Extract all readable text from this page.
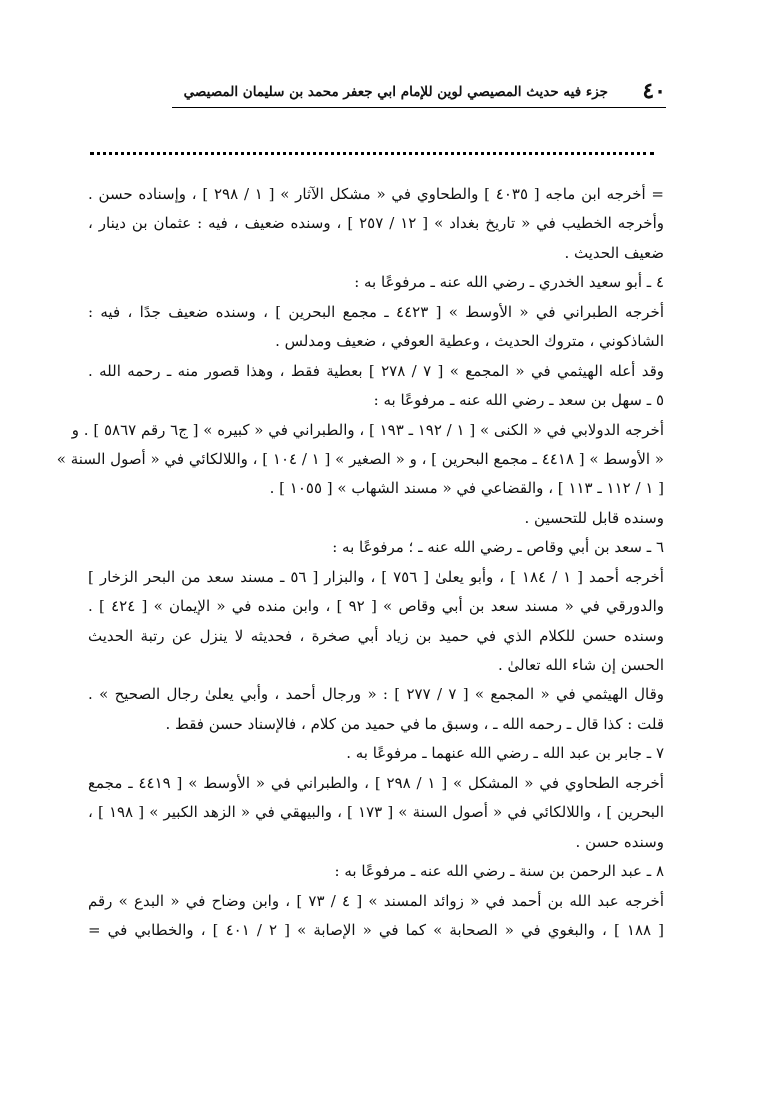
٤٠
جزء فيه حديث المصيصي لوين للإمام ابي جعفر محمد بن سليمان المصيصي
= أخرجه ابن ماجه [ ٤٠٣٥ ] والطحاوي في « مشكل الآثار » [ ١ / ٢٩٨ ] ، وإسناده حسن .
وأخرجه الخطيب في « تاريخ بغداد » [ ١٢ / ٢٥٧ ] ، وسنده ضعيف ، فيه : عثمان بن دينار ،
ضعيف الحديث .
٤ ـ أبو سعيد الخدري ـ رضي الله عنه ـ مرفوعًا به :
أخرجه الطبراني في « الأوسط » [ ٤٤٢٣ ـ مجمع البحرين ] ، وسنده ضعيف جدًا ، فيه :
الشاذكوني ، متروك الحديث ، وعطية العوفي ، ضعيف ومدلس .
وقد أعله الهيثمي في « المجمع » [ ٧ / ٢٧٨ ] بعطية فقط ، وهذا قصور منه ـ رحمه الله .
٥ ـ سهل بن سعد ـ رضي الله عنه ـ مرفوعًا به :
أخرجه الدولابي في « الكنى » [ ١ / ١٩٢ ـ ١٩٣ ] ، والطبراني في « كبيره » [ ج٦ رقم ٥٨٦٧ ] . و
« الأوسط » [ ٤٤١٨ ـ مجمع البحرين ] ، و « الصغير » [ ١ / ١٠٤ ] ، واللالكائي في « أصول السنة »
[ ١ / ١١٢ ـ ١١٣ ] ، والقضاعي في « مسند الشهاب » [ ١٠٥٥ ] .
وسنده قابل للتحسين .
٦ ـ سعد بن أبي وقاص ـ رضي الله عنه ـ ؛ مرفوعًا به :
أخرجه أحمد [ ١ / ١٨٤ ] ، وأبو يعلىٰ [ ٧٥٦ ] ، والبزار [ ٥٦ ـ مسند سعد من البحر الزخار ]
والدورقي في « مسند سعد بن أبي وقاص » [ ٩٢ ] ، وابن منده في « الإيمان » [ ٤٢٤ ] .
وسنده حسن للكلام الذي في حميد بن زياد أبي صخرة ، فحديثه لا ينزل عن رتبة الحديث
الحسن إن شاء الله تعالىٰ .
وقال الهيثمي في « المجمع » [ ٧ / ٢٧٧ ] : « ورجال أحمد ، وأبي يعلىٰ رجال الصحيح » .
قلت : كذا قال ـ رحمه الله ـ ، وسبق ما في حميد من كلام ، فالإسناد حسن فقط .
٧ ـ جابر بن عبد الله ـ رضي الله عنهما ـ مرفوعًا به .
أخرجه الطحاوي في « المشكل » [ ١ / ٢٩٨ ] ، والطبراني في « الأوسط » [ ٤٤١٩ ـ مجمع
البحرين ] ، واللالكائي في « أصول السنة » [ ١٧٣ ] ، والبيهقي في « الزهد الكبير » [ ١٩٨ ] ،
وسنده حسن .
٨ ـ عبد الرحمن بن سنة ـ رضي الله عنه ـ مرفوعًا به :
أخرجه عبد الله بن أحمد في « زوائد المسند » [ ٤ / ٧٣ ] ، وابن وضاح في « البدع » رقم
[ ١٨٨ ] ، والبغوي في « الصحابة » كما في « الإصابة » [ ٢ / ٤٠١ ] ، والخطابي في =
